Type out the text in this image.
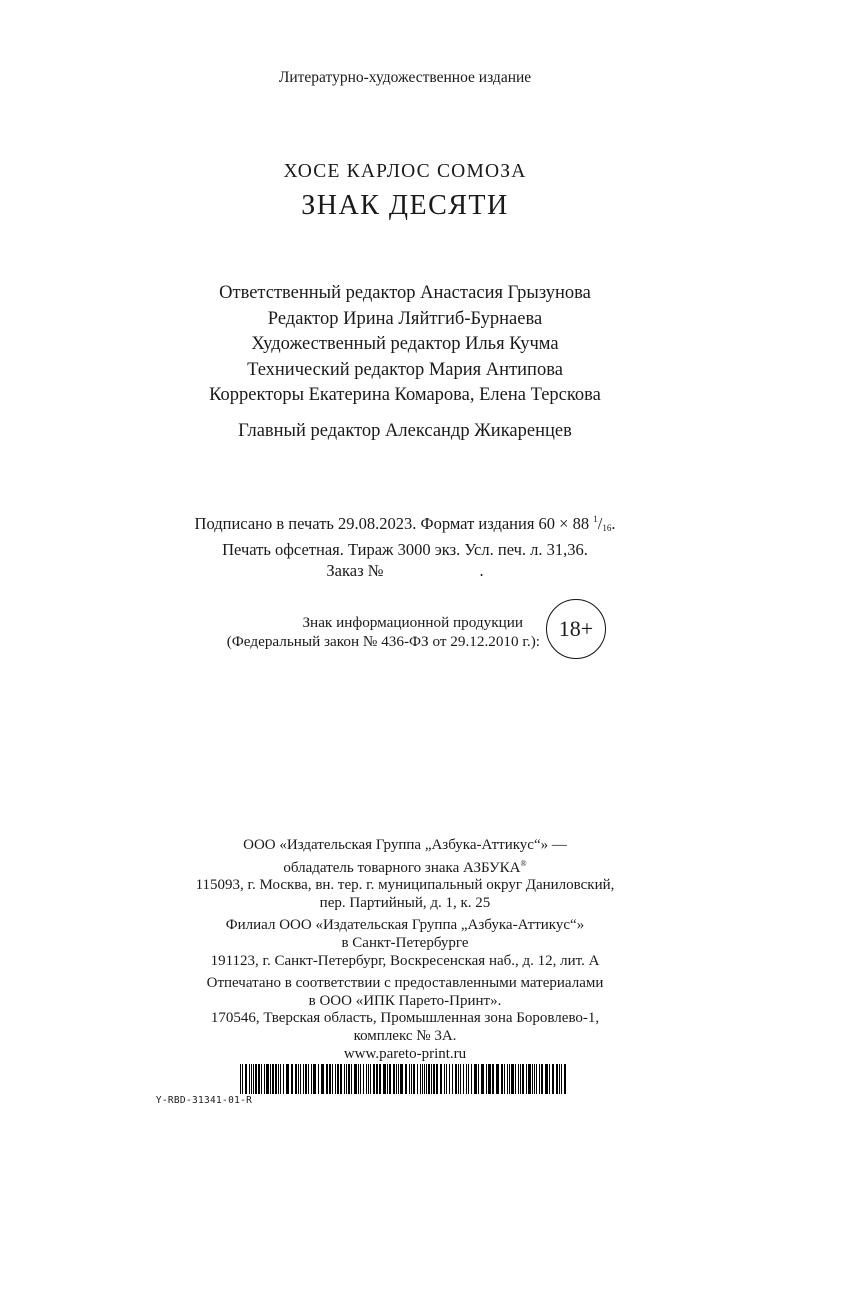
Литературно-художественное издание
ХОСЕ КАРЛОС СОМОЗА
ЗНАК ДЕСЯТИ
Ответственный редактор Анастасия Грызунова
Редактор Ирина Ляйтгиб-Бурнаева
Художественный редактор Илья Кучма
Технический редактор Мария Антипова
Корректоры Екатерина Комарова, Елена Терскова
Главный редактор Александр Жикаренцев
Подписано в печать 29.08.2023. Формат издания 60 × 88 $^1/_{16}$.
Печать офсетная. Тираж 3000 экз. Усл. печ. л. 31,36.
Заказ №	.
Знак информационной продукции
(Федеральный закон № 436-ФЗ от 29.12.2010 г.):
18+
ООО «Издательская Группа „Азбука-Аттикус“» —
обладатель товарного знака АЗБУКА®
115093, г. Москва, вн. тер. г. муниципальный округ Даниловский,
пер. Партийный, д. 1, к. 25
Филиал ООО «Издательская Группа „Азбука-Аттикус“»
в Санкт-Петербурге
191123, г. Санкт-Петербург, Воскресенская наб., д. 12, лит. А
Отпечатано в соответствии с предоставленными материалами
в ООО «ИПК Парето-Принт».
170546, Тверская область, Промышленная зона Боровлево-1,
комплекс № 3А.
www.pareto-print.ru
Y-RBD-31341-01-R
